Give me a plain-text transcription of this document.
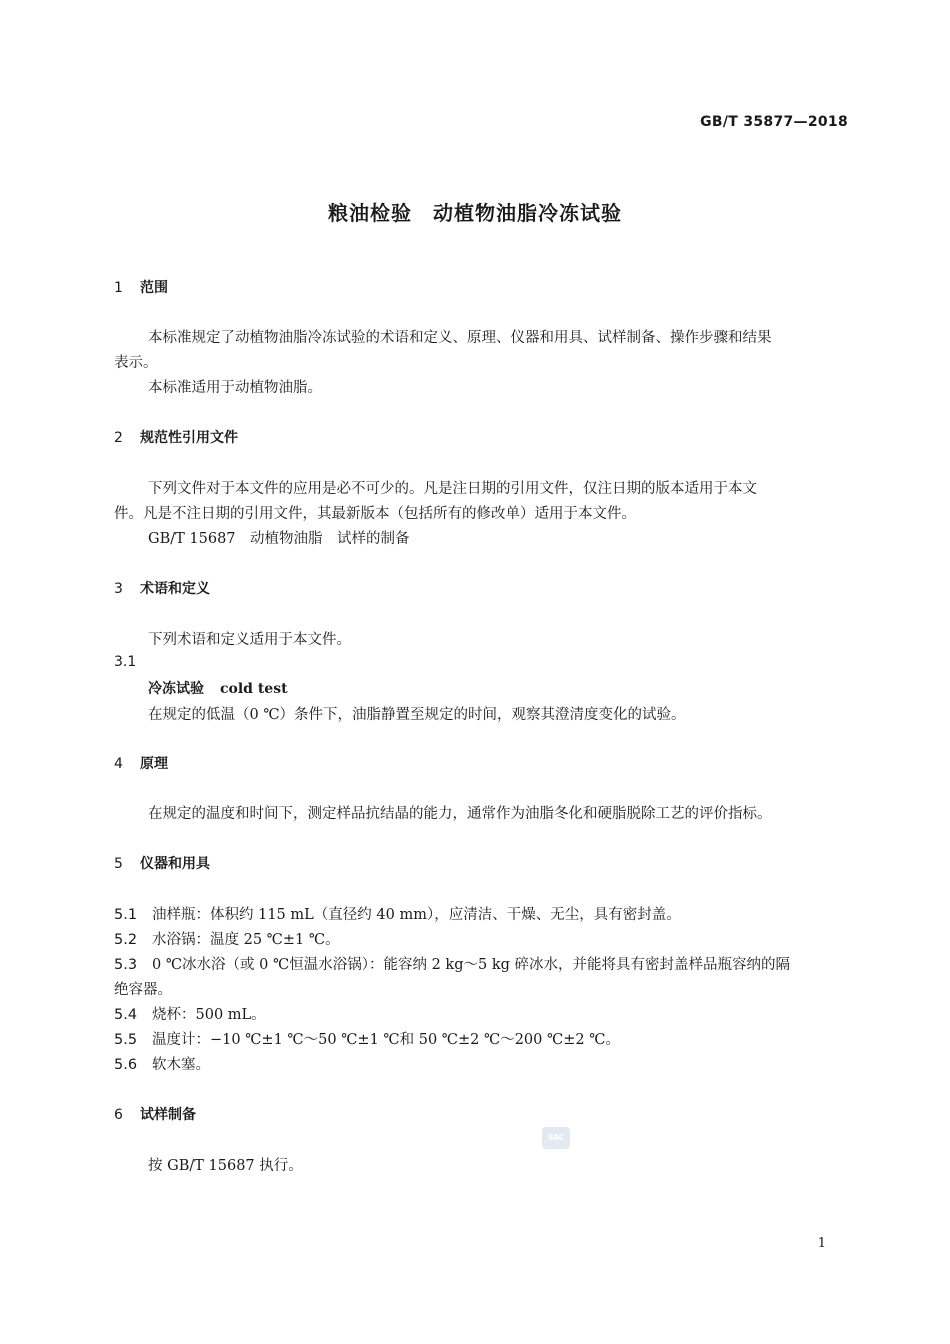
GB/T 35877—2018
粮油检验　动植物油脂冷冻试验
1 范围
本标准规定了动植物油脂冷冻试验的术语和定义、原理、仪器和用具、试样制备、操作步骤和结果
表示。
本标准适用于动植物油脂。
2 规范性引用文件
下列文件对于本文件的应用是必不可少的。凡是注日期的引用文件，仅注日期的版本适用于本文
件。凡是不注日期的引用文件，其最新版本（包括所有的修改单）适用于本文件。
GB/T 15687　动植物油脂　试样的制备
3 术语和定义
下列术语和定义适用于本文件。
3.1
冷冻试验 cold test
在规定的低温（0 ℃）条件下，油脂静置至规定的时间，观察其澄清度变化的试验。
4 原理
在规定的温度和时间下，测定样品抗结晶的能力，通常作为油脂冬化和硬脂脱除工艺的评价指标。
5 仪器和用具
5.1 油样瓶：体积约 115 mL（直径约 40 mm），应清洁、干燥、无尘，具有密封盖。
5.2 水浴锅：温度 25 ℃±1 ℃。
5.3 0 ℃冰水浴（或 0 ℃恒温水浴锅）：能容纳 2 kg～5 kg 碎冰水，并能将具有密封盖样品瓶容纳的隔
绝容器。
5.4 烧杯：500 mL。
5.5 温度计：−10 ℃±1 ℃～50 ℃±1 ℃和 50 ℃±2 ℃～200 ℃±2 ℃。
5.6 软木塞。
6 试样制备
SAC
按 GB/T 15687 执行。
1
